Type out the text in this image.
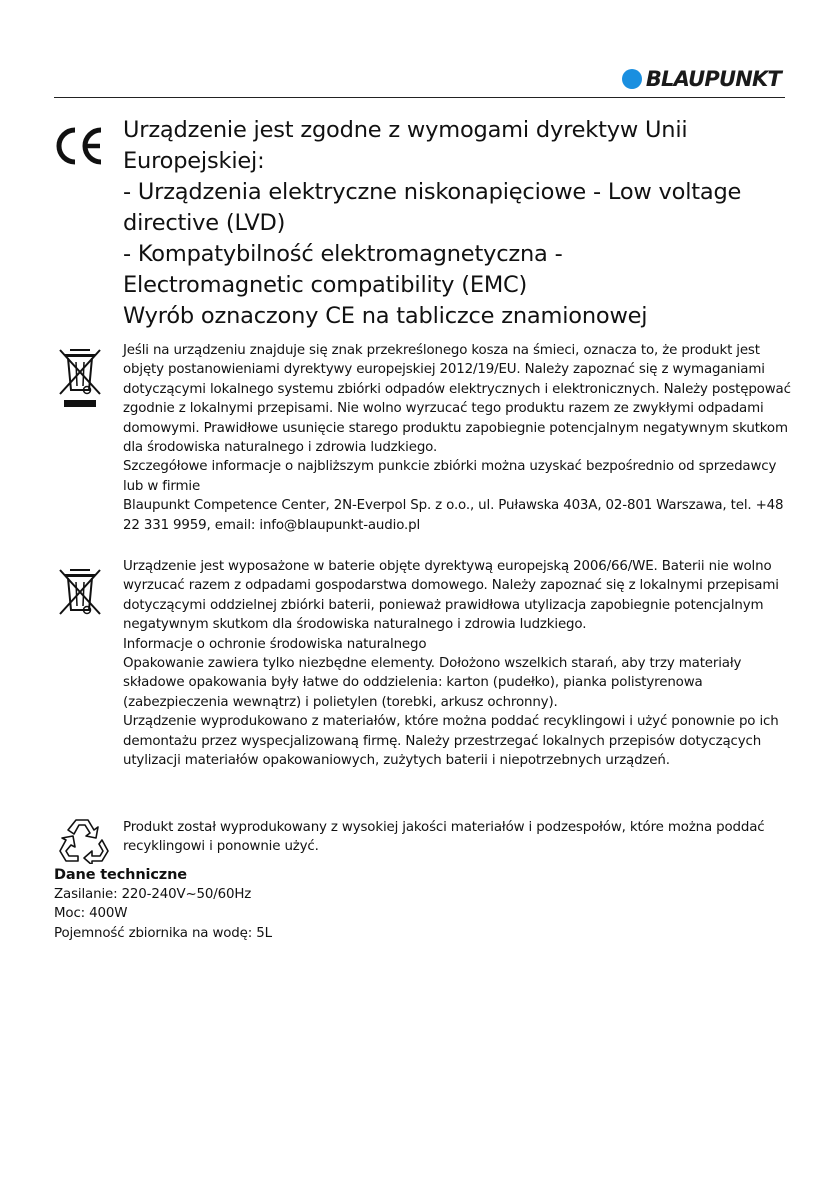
BLAUPUNKT
Urządzenie jest zgodne z wymogami dyrektyw Unii
Europejskiej:
- Urządzenia elektryczne niskonapięciowe - Low voltage
directive (LVD)
- Kompatybilność elektromagnetyczna -
Electromagnetic compatibility (EMC)
Wyrób oznaczony CE na tabliczce znamionowej

Jeśli na urządzeniu znajduje się znak przekreślonego kosza na śmieci, oznacza to, że produkt jest objęty postanowieniami dyrektywy europejskiej 2012/19/EU. Należy zapoznać się z wymaganiami dotyczącymi lokalnego systemu zbiórki odpadów elektrycznych i elektronicznych. Należy postępować zgodnie z lokalnymi przepisami. Nie wolno wyrzucać tego produktu razem ze zwykłymi odpadami domowymi. Prawidłowe usunięcie starego produktu zapobiegnie potencjalnym negatywnym skutkom dla środowiska naturalnego i zdrowia ludzkiego.

Szczegółowe informacje o najbliższym punkcie zbiórki można uzyskać bezpośrednio od sprzedawcy lub w firmie

Blaupunkt Competence Center, 2N-Everpol Sp. z o.o., ul. Puławska 403A, 02-801 Warszawa, tel. +48 22 331 9959, email: info@blaupunkt-audio.pl

Urządzenie jest wyposażone w baterie objęte dyrektywą europejską 2006/66/WE. Baterii nie wolno wyrzucać razem z odpadami gospodarstwa domowego. Należy zapoznać się z lokalnymi przepisami dotyczącymi oddzielnej zbiórki baterii, ponieważ prawidłowa utylizacja zapobiegnie potencjalnym negatywnym skutkom dla środowiska naturalnego i zdrowia ludzkiego.

Informacje o ochronie środowiska naturalnego

Opakowanie zawiera tylko niezbędne elementy. Dołożono wszelkich starań, aby trzy materiały składowe opakowania były łatwe do oddzielenia: karton (pudełko), pianka polistyrenowa (zabezpieczenia wewnątrz) i polietylen (torebki, arkusz ochronny).

Urządzenie wyprodukowano z materiałów, które można poddać recyklingowi i użyć ponownie po ich demontażu przez wyspecjalizowaną firmę. Należy przestrzegać lokalnych przepisów dotyczących utylizacji materiałów opakowaniowych, zużytych baterii i niepotrzebnych urządzeń.

Produkt został wyprodukowany z wysokiej jakości materiałów i podzespołów, które można poddać recyklingowi i ponownie użyć.

Dane techniczne
Zasilanie: 220-240V~50/60Hz
Moc: 400W
Pojemność zbiornika na wodę: 5L
